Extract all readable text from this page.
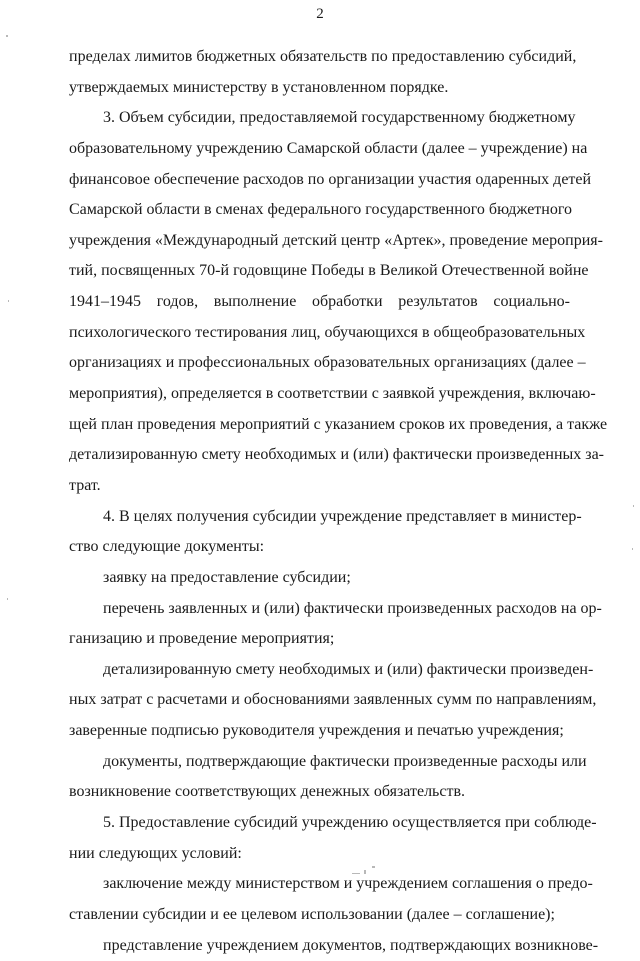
2
пределах лимитов бюджетных обязательств по предоставлению субсидий,
утверждаемых министерству в установленном порядке.
3. Объем субсидии, предоставляемой государственному бюджетному
образовательному учреждению Самарской области (далее – учреждение) на
финансовое обеспечение расходов по организации участия одаренных детей
Самарской области в сменах федерального государственного бюджетного
учреждения «Международный детский центр «Артек», проведение мероприя-
тий, посвященных 70-й годовщине Победы в Великой Отечественной войне
1941–1945 годов, выполнение обработки результатов социально-
психологического тестирования лиц, обучающихся в общеобразовательных
организациях и профессиональных образовательных организациях (далее –
мероприятия), определяется в соответствии с заявкой учреждения, включаю-
щей план проведения мероприятий с указанием сроков их проведения, а также
детализированную смету необходимых и (или) фактически произведенных за-
трат.
4. В целях получения субсидии учреждение представляет в министер-
ство следующие документы:
заявку на предоставление субсидии;
перечень заявленных и (или) фактически произведенных расходов на ор-
ганизацию и проведение мероприятия;
детализированную смету необходимых и (или) фактически произведен-
ных затрат с расчетами и обоснованиями заявленных сумм по направлениям,
заверенные подписью руководителя учреждения и печатью учреждения;
документы, подтверждающие фактически произведенные расходы или
возникновение соответствующих денежных обязательств.
5. Предоставление субсидий учреждению осуществляется при соблюде-
нии следующих условий:
заключение между министерством и учреждением соглашения о предо-
ставлении субсидии и ее целевом использовании (далее – соглашение);
представление учреждением документов, подтверждающих возникнове-
